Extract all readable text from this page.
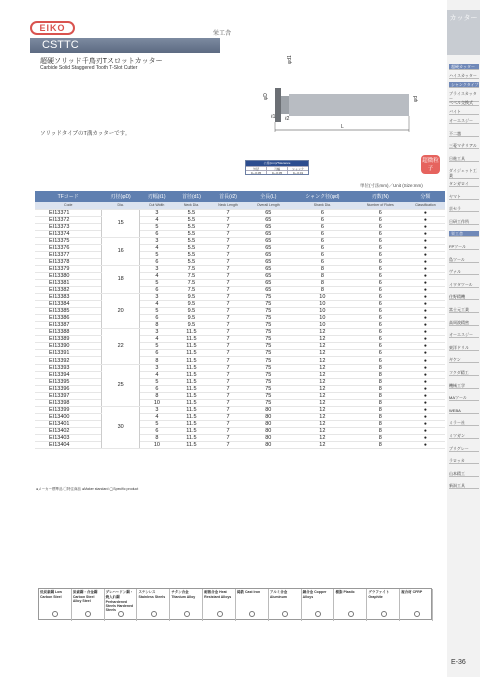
EIKO
栄工舎
CSTTC
超硬ソリッド千鳥刃Tスロットカッター
Carbide Solid Staggered Tooth T-Slot Cutter
ソリッドタイプのT溝カッターです。
φd1
φD	φd
ℓ1 ℓ2
L
公差(mm)/Tolerance
外径	刃幅	シャンク
0~-0.05	0~-0.05	0~-0.01
超微粒子
単位(寸法mm)／Unit (Size:mm)
TFコード	刃径(φD)	刃幅(ℓ1)	首径(d1)	首長(ℓ2)	全長(L)	シャンク径(φd)	刃数(N)	分類
Code	Dia.	Cut Width	Neck Dia.	Neck Length	Overall Length	Shank Dia.	Number of Flutes	Classification
EI13371	15	3	5.5	7	65	6	6	●
EI13372		4	5.5	7	65	6	6	●
EI13373		5	5.5	7	65	6	6	●
EI13374		6	5.5	7	65	6	6	●
EI13375	16	3	5.5	7	65	6	6	●
EI13376		4	5.5	7	65	6	6	●
EI13377		5	5.5	7	65	6	6	●
EI13378		6	5.5	7	65	6	6	●
EI13379	18	3	7.5	7	65	8	6	●
EI13380		4	7.5	7	65	8	6	●
EI13381		5	7.5	7	65	8	6	●
EI13382		6	7.5	7	65	8	6	●
EI13383	20	3	9.5	7	75	10	6	●
EI13384		4	9.5	7	75	10	6	●
EI13385		5	9.5	7	75	10	6	●
EI13386		6	9.5	7	75	10	6	●
EI13387		8	9.5	7	75	10	6	●
EI13388	22	3	11.5	7	75	12	6	●
EI13389		4	11.5	7	75	12	6	●
EI13390		5	11.5	7	75	12	6	●
EI13391		6	11.5	7	75	12	6	●
EI13392		8	11.5	7	75	12	6	●
EI13393	25	3	11.5	7	75	12	8	●
EI13394		4	11.5	7	75	12	8	●
EI13395		5	11.5	7	75	12	8	●
EI13396		6	11.5	7	75	12	8	●
EI13397		8	11.5	7	75	12	8	●
EI13398		10	11.5	7	75	12	8	●
EI13399	30	3	11.5	7	80	12	8	●
EI13400		4	11.5	7	80	12	8	●
EI13401		5	11.5	7	80	12	8	●
EI13402		6	11.5	7	80	12	8	●
EI13403		8	11.5	7	80	12	8	●
EI13404		10	11.5	7	80	12	8	●
●メーカー標準品 ◯特注商品 ●Maker standard ◯Specific product
カッター
低炭素鋼 Low Carbon Steel
炭素鋼・合金鋼 Carbon Steel Alloy Steel
プレハードン鋼・焼入れ鋼 Prehardened Steels Hardened Steels
ステンレス Stainless Steels
チタン合金 Titanium Alloy
耐熱合金 Heat Resistant Alloys
鋳鉄 Cast Iron	アルミ合金 Aluminum
銅合金 Copper Alloys
樹脂 Plastic	グラファイト Graphite
複合材 CFRP
E-36
超硬カッター
ハイスカッター
シャンクタイプ
ブライスカッター
ベベル交換式
バイト
オーエスジー
不二越
三菱マテリアル
日進工具
ダイジェット工業
タンガロイ
ヤマト
京セラ
日研工作所
栄工舎
FPツール
島ツール
ヴァル
イワタツール
住野精機
富士元工業
高周波精密
オーエスジー
東洋ドリル
ギケン
フクダ精工
機械工学
MAツール
WEBA
ミラー社
ミツガン
ブリグレー
ラロッカ
山本精工
新潟工具
